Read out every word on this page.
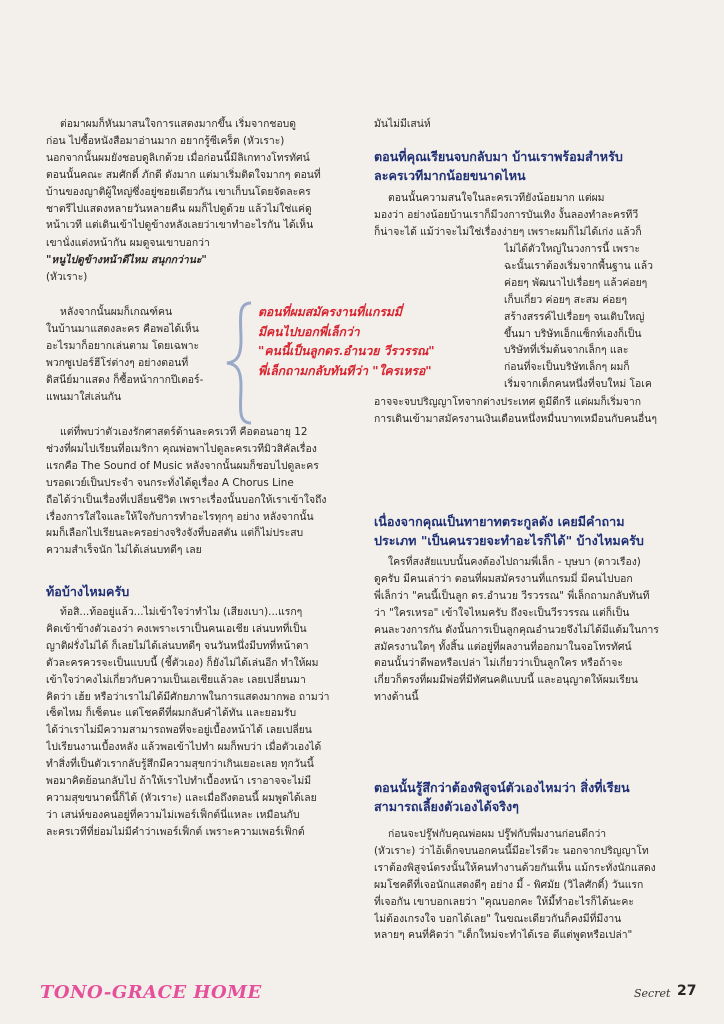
ต่อมาผมก็หันมาสนใจการแสดงมากขึ้น เริ่มจากชอบดู
ก่อน ไปซื้อหนังสือมาอ่านมาก อยากรู้ซีเคร็ต (หัวเราะ)
นอกจากนั้นผมยังชอบดูลิเกด้วย เมื่อก่อนนี้มีลิเกทางโทรทัศน์
ตอนนั้นคณะ สมศักดิ์ ภักดี ดังมาก แต่มาเริ่มติดใจมากๆ ตอนที่
บ้านของญาติผู้ใหญ่ซึ่งอยู่ซอยเดียวกัน เขาเก็บนโดยจัดละคร
ชาตรีไปแสดงหลายวันหลายคืน ผมก็ไปดูด้วย แล้วไม่ใช่แค่ดู
หน้าเวที แต่เดินเข้าไปดูข้างหลังเลยว่าเขาทำอะไรกัน ได้เห็น
เขานั่งแต่งหน้ากัน ผมดูจนเขาบอกว่า
"หนูไปดูข้างหน้าดีไหม สนุกกว่านะ"
(หัวเราะ)
หลังจากนั้นผมก็เกณฑ์คน
ในบ้านมาแสดงละคร คือพอได้เห็น
อะไรมาก็อยากเล่นตาม โดยเฉพาะ
พวกซูเปอร์ฮีโร่ต่างๆ อย่างตอนที่
ดิสนีย์มาแสดง ก็ซื้อหน้ากากปีเตอร์-
แพนมาใส่เล่นกัน
แต่ที่พบว่าตัวเองรักศาสตร์ด้านละครเวที คือตอนอายุ 12
ช่วงที่ผมไปเรียนที่อเมริกา คุณพ่อพาไปดูละครเวทีมิวสิคัลเรื่อง
แรกคือ The Sound of Music หลังจากนั้นผมก็ชอบไปดูละคร
บรอดเวย์เป็นประจำ จนกระทั่งได้ดูเรื่อง A Chorus Line
ถือได้ว่าเป็นเรื่องที่เปลี่ยนชีวิต เพราะเรื่องนั้นบอกให้เราเข้าใจถึง
เรื่องการใส่ใจและให้ใจกับการทำอะไรทุกๆ อย่าง หลังจากนั้น
ผมก็เลือกไปเรียนละครอย่างจริงจังที่บอสตัน แต่ก็ไม่ประสบ
ความสำเร็จนัก ไม่ได้เล่นบทดีๆ เลย
ท้อบ้างไหมครับ
ท้อสิ...ท้ออยู่แล้ว...ไม่เข้าใจว่าทำไม (เสียงเบา)...แรกๆ
คิดเข้าข้างตัวเองว่า คงเพราะเราเป็นคนเอเชีย เล่นบทที่เป็น
ญาติฝรั่งไม่ได้ ก็เลยไม่ได้เล่นบทดีๆ จนวันหนึ่งมีบทที่หน้าตา
ตัวละครควรจะเป็นแบบนี้ (ชี้ตัวเอง) ก็ยังไม่ได้เล่นอีก ทำให้ผม
เข้าใจว่าคงไม่เกี่ยวกับความเป็นเอเชียแล้วละ เลยเปลี่ยนมา
คิดว่า เฮ้ย หรือว่าเราไม่ได้มีศักยภาพในการแสดงมากพอ ถามว่า
เซ็ตไหม ก็เซ็ตนะ แต่โชคดีที่ผมกลับคำได้ทัน และยอมรับ
ได้ว่าเราไม่มีความสามารถพอที่จะอยู่เบื้องหน้าได้ เลยเปลี่ยน
ไปเรียนงานเบื้องหลัง แล้วพอเข้าไปทำ ผมก็พบว่า เมื่อตัวเองได้
ทำสิ่งที่เป็นตัวเรากลับรู้สึกมีความสุขกว่าเกินเยอะเลย ทุกวันนี้
พอมาคิดย้อนกลับไป ถ้าให้เราไปทำเบื้องหน้า เราอาจจะไม่มี
ความสุขขนาดนี้ก็ได้ (หัวเราะ) และเมื่อถึงตอนนี้ ผมพูดได้เลย
ว่า เสน่ห์ของคนอยู่ที่ความไม่เพอร์เฟ็กต์นี่แหละ เหมือนกับ
ละครเวทีที่ย่อมไม่มีคำว่าเพอร์เฟ็กต์ เพราะความเพอร์เฟ็กต์
ตอนที่ผมสมัครงานที่แกรมมี่
มีคนไปบอกพี่เล็กว่า
"คนนี้เป็นลูกดร.อำนวย วีรวรรณ"
พี่เล็กถามกลับทันทีว่า "ใครเหรอ"
มันไม่มีเสน่ห์
ตอนที่คุณเรียนจบกลับมา บ้านเราพร้อมสำหรับ
ละครเวทีมากน้อยขนาดไหน
ตอนนั้นความสนใจในละครเวทียังน้อยมาก แต่ผม
มองว่า อย่างน้อยบ้านเราก็มีวงการบันเทิง งั้นลองทำละครทีวี
ก็น่าจะได้ แม้ว่าจะไม่ใช่เรื่องง่ายๆ เพราะผมก็ไม่ได้เก่ง แล้วก็
ไม่ได้ตัวใหญ่ในวงการนี้ เพราะ
ฉะนั้นเราต้องเริ่มจากพื้นฐาน แล้ว
ค่อยๆ พัฒนาไปเรื่อยๆ แล้วค่อยๆ
เก็บเกี่ยว ค่อยๆ สะสม ค่อยๆ
สร้างสรรค์ไปเรื่อยๆ จนเติบใหญ่
ขึ้นมา บริษัทเอ็กแซ็กท์เองก็เป็น
บริษัทที่เริ่มต้นจากเล็กๆ และ
ก่อนที่จะเป็นบริษัทเล็กๆ ผมก็
เริ่มจากเด็กคนหนึ่งที่จบใหม่ โอเค
อาจจะจบปริญญาโทจากต่างประเทศ ดูมีดีกรี แต่ผมก็เริ่มจาก
การเดินเข้ามาสมัครงานเงินเดือนหนึ่งหมื่นบาทเหมือนกับคนอื่นๆ
เนื่องจากคุณเป็นทายาทตระกูลดัง เคยมีคำถาม
ประเภท "เป็นคนรวยจะทำอะไรก็ได้" บ้างไหมครับ
ใครที่สงสัยแบบนั้นคงต้องไปถามพี่เล็ก - บุษบา (ดาวเรือง)
ดูครับ มีคนเล่าว่า ตอนที่ผมสมัครงานที่แกรมมี่ มีคนไปบอก
พี่เล็กว่า "คนนี้เป็นลูก ดร.อำนวย วีรวรรณ" พี่เล็กถามกลับทันที
ว่า "ใครเหรอ" เข้าใจไหมครับ ถึงจะเป็นวีรวรรณ แต่ก็เป็น
คนละวงการกัน ดังนั้นการเป็นลูกคุณอำนวยจึงไม่ได้มีแต้มในการ
สมัครงานใดๆ ทั้งสิ้น แต่อยู่ที่ผลงานที่ออกมาในจอโทรทัศน์
ตอนนั้นว่าดีพอหรือเปล่า ไม่เกี่ยวว่าเป็นลูกใคร หรือถ้าจะ
เกี่ยวก็ตรงที่ผมมีพ่อที่มีทัศนคติแบบนี้ และอนุญาตให้ผมเรียน
ทางด้านนี้
ตอนนั้นรู้สึกว่าต้องพิสูจน์ตัวเองไหมว่า สิ่งที่เรียน
สามารถเลี้ยงตัวเองได้จริงๆ
ก่อนจะปรู๊ฟกับคุณพ่อผม ปรู๊ฟกับพี่มงานก่อนดีกว่า
(หัวเราะ) ว่าไอ้เด็กจบนอกคนนี้มีอะไรดีวะ นอกจากปริญญาโท
เราต้องพิสูจน์ตรงนั้นให้คนทำงานด้วยกันเห็น แม้กระทั่งนักแสดง
ผมโชคดีที่เจอนักแสดงดีๆ อย่าง มี้ - พิศมัย (วิไลศักดิ์) วันแรก
ที่เจอกัน เขาบอกเลยว่า "คุณบอกคะ ให้มี้ทำอะไรก็ได้นะคะ
ไม่ต้องเกรงใจ บอกได้เลย" ในขณะเดียวกันก็คงมีที่มีงาน
หลายๆ คนที่คิดว่า "เด็กใหม่จะทำได้เรอ ดีแต่พูดหรือเปล่า"
TONO-GRACE HOME	Secret 27
